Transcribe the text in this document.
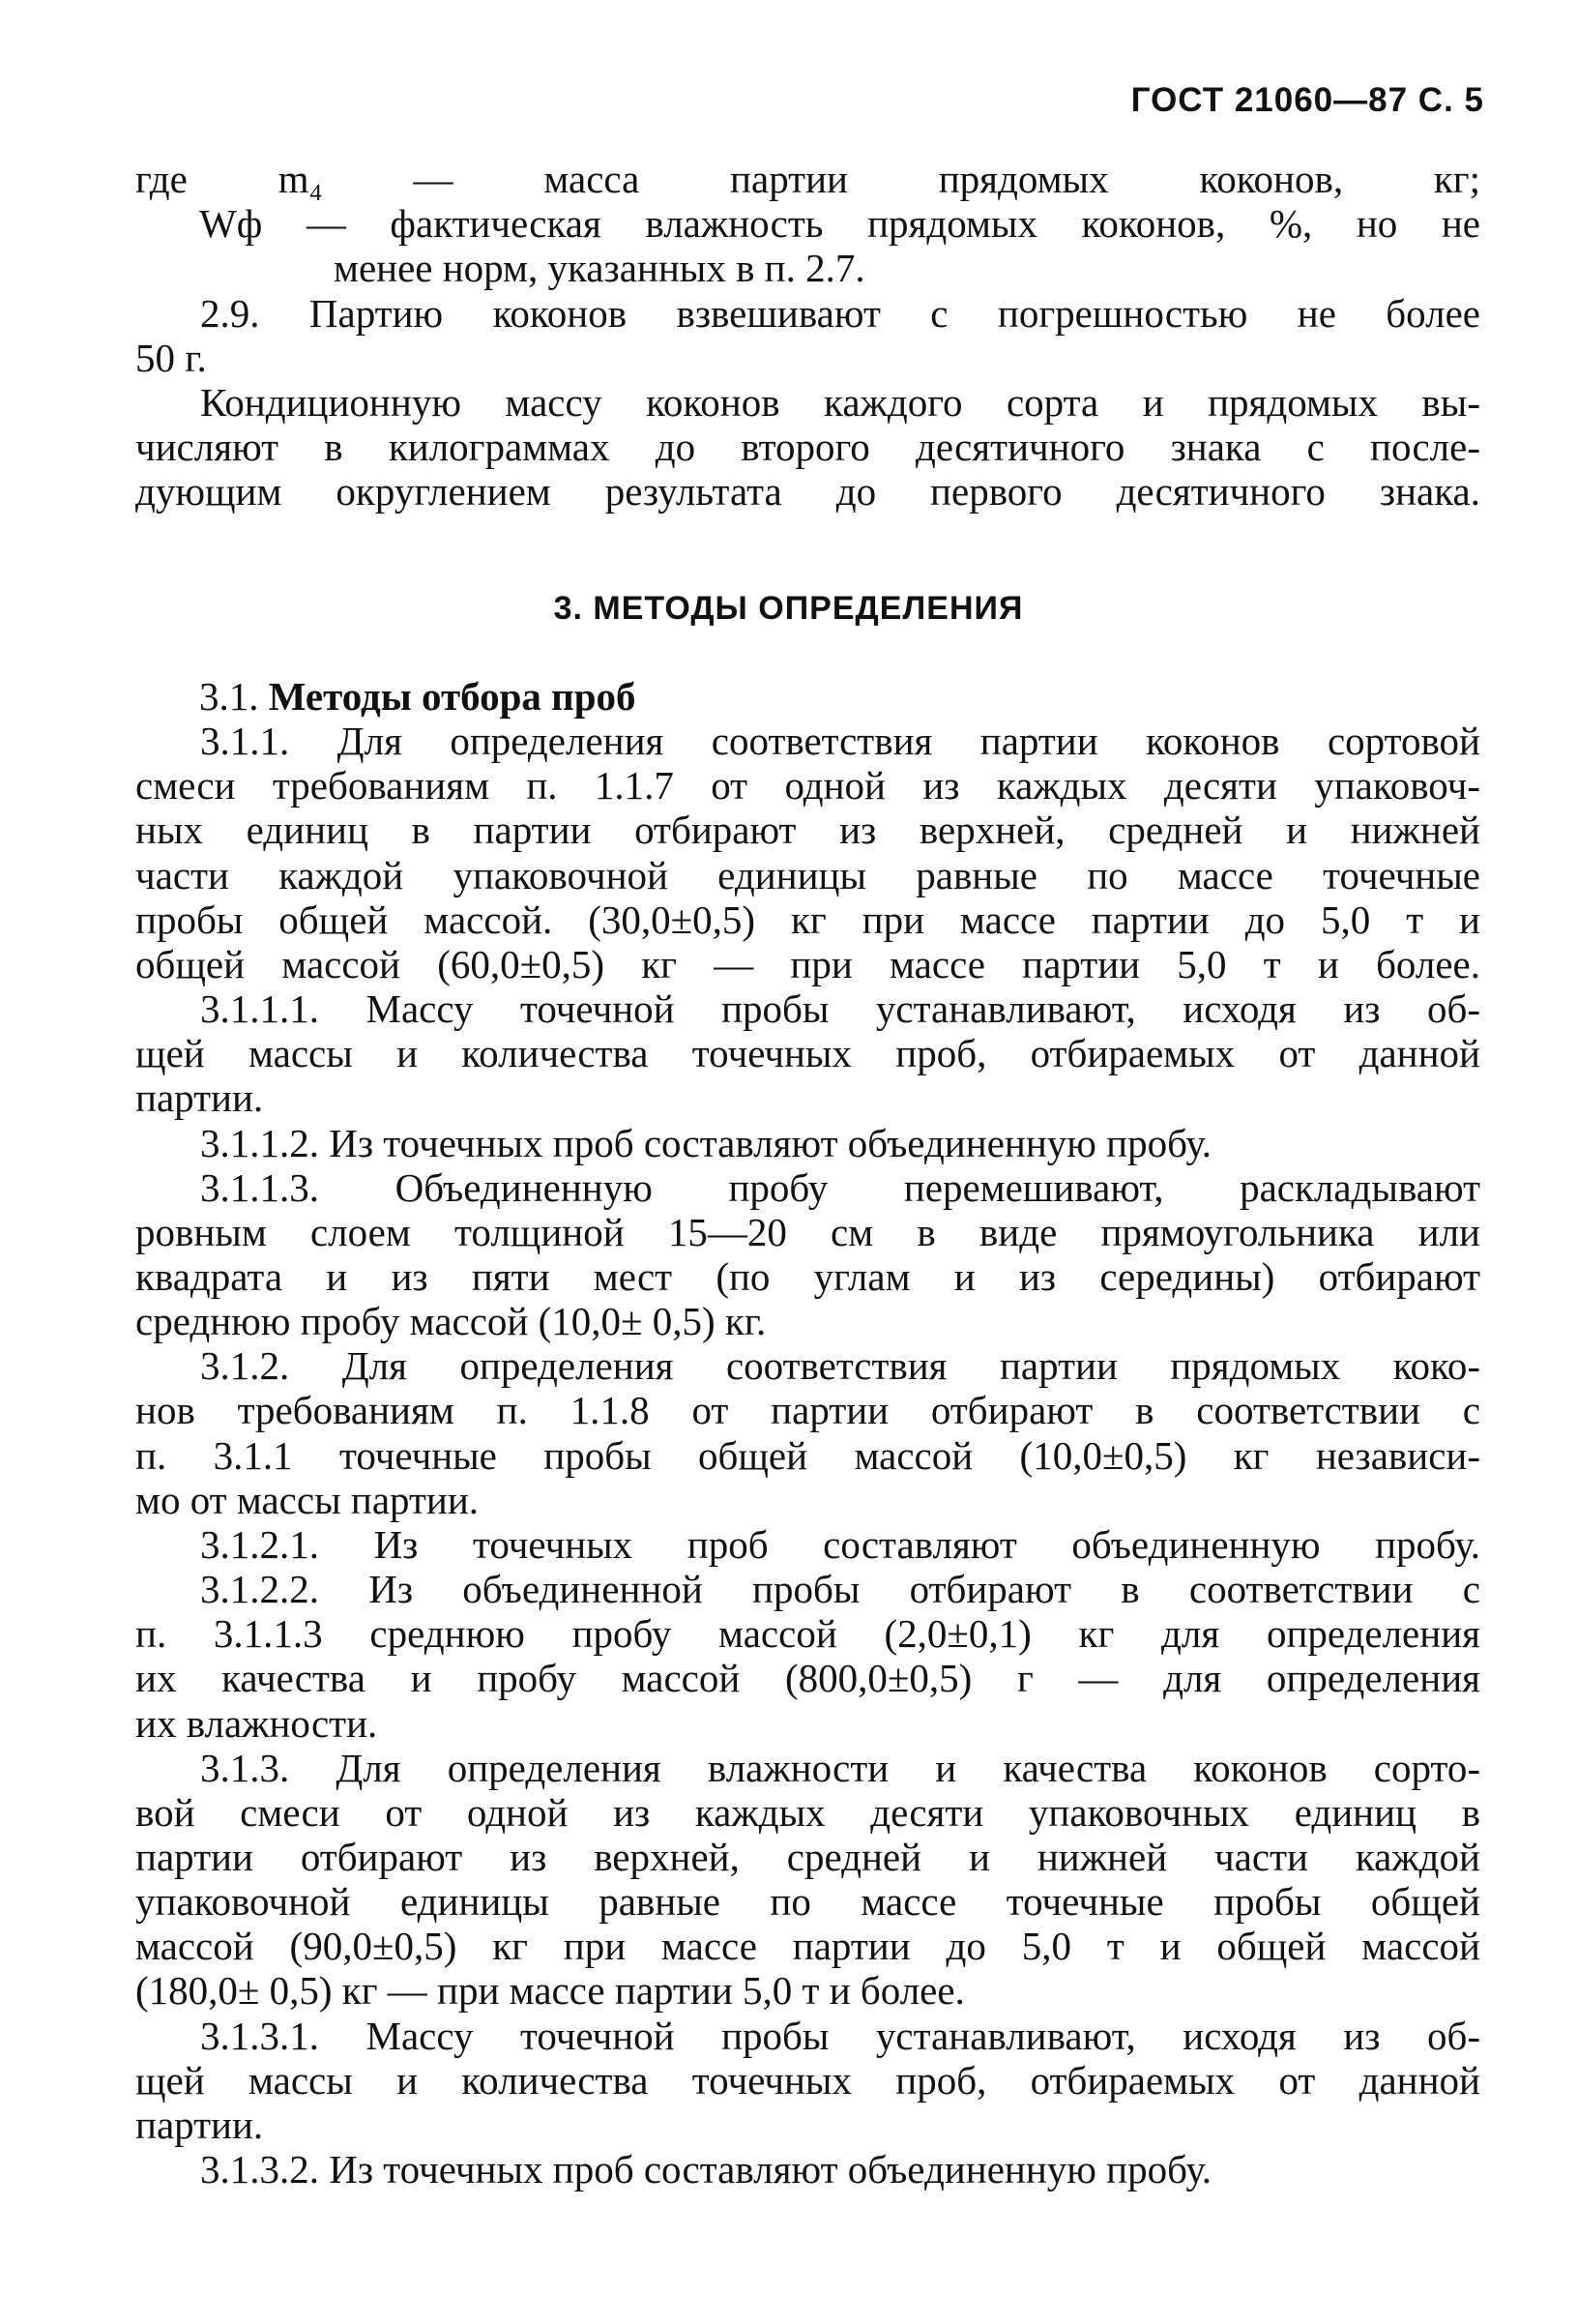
ГОСТ 21060—87 С. 5
где m₄ — масса партии прядомых коконов, кг;
Wф — фактическая влажность прядомых коконов, %, но не
менее норм, указанных в п. 2.7.
2.9. Партию коконов взвешивают с погрешностью не более
50 г.
Кондиционную массу коконов каждого сорта и прядомых вы-
числяют в килограммах до второго десятичного знака с после-
дующим округлением результата до первого десятичного знака.
3. МЕТОДЫ ОПРЕДЕЛЕНИЯ
3.1. Методы отбора проб
3.1.1. Для определения соответствия партии коконов сортовой
смеси требованиям п. 1.1.7 от одной из каждых десяти упаковоч-
ных единиц в партии отбирают из верхней, средней и нижней
части каждой упаковочной единицы равные по массе точечные
пробы общей массой. (30,0±0,5) кг при массе партии до 5,0 т и
общей массой (60,0±0,5) кг — при массе партии 5,0 т и более.
3.1.1.1. Массу точечной пробы устанавливают, исходя из об-
щей массы и количества точечных проб, отбираемых от данной
партии.
3.1.1.2. Из точечных проб составляют объединенную пробу.
3.1.1.3. Объединенную пробу перемешивают, раскладывают
ровным слоем толщиной 15—20 см в виде прямоугольника или
квадрата и из пяти мест (по углам и из середины) отбирают
среднюю пробу массой (10,0± 0,5) кг.
3.1.2. Для определения соответствия партии прядомых коко-
нов требованиям п. 1.1.8 от партии отбирают в соответствии с
п. 3.1.1 точечные пробы общей массой (10,0±0,5) кг независи-
мо от массы партии.
3.1.2.1. Из точечных проб составляют объединенную пробу.
3.1.2.2. Из объединенной пробы отбирают в соответствии с
п. 3.1.1.3 среднюю пробу массой (2,0±0,1) кг для определения
их качества и пробу массой (800,0±0,5) г — для определения
их влажности.
3.1.3. Для определения влажности и качества коконов сорто-
вой смеси от одной из каждых десяти упаковочных единиц в
партии отбирают из верхней, средней и нижней части каждой
упаковочной единицы равные по массе точечные пробы общей
массой (90,0±0,5) кг при массе партии до 5,0 т и общей массой
(180,0± 0,5) кг — при массе партии 5,0 т и более.
3.1.3.1. Массу точечной пробы устанавливают, исходя из об-
щей массы и количества точечных проб, отбираемых от данной
партии.
3.1.3.2. Из точечных проб составляют объединенную пробу.
